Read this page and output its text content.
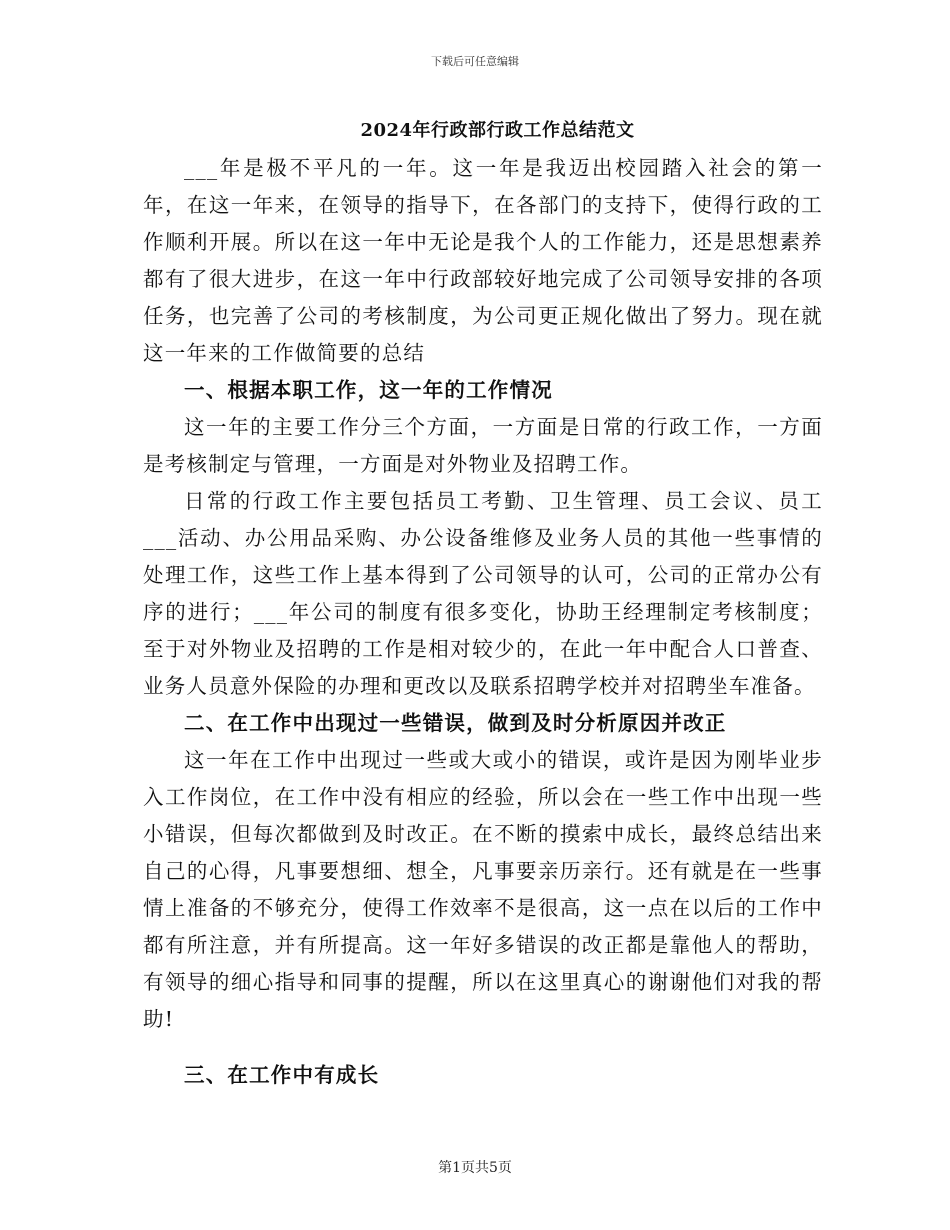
下载后可任意编辑
2024年行政部行政工作总结范文

___年是极不平凡的一年。这一年是我迈出校园踏入社会的第一年，在这一年来，在领导的指导下，在各部门的支持下，使得行政的工作顺利开展。所以在这一年中无论是我个人的工作能力，还是思想素养都有了很大进步，在这一年中行政部较好地完成了公司领导安排的各项任务，也完善了公司的考核制度，为公司更正规化做出了努力。现在就这一年来的工作做简要的总结

一、根据本职工作，这一年的工作情况

这一年的主要工作分三个方面，一方面是日常的行政工作，一方面是考核制定与管理，一方面是对外物业及招聘工作。

日常的行政工作主要包括员工考勤、卫生管理、员工会议、员工___活动、办公用品采购、办公设备维修及业务人员的其他一些事情的处理工作，这些工作上基本得到了公司领导的认可，公司的正常办公有序的进行；___年公司的制度有很多变化，协助王经理制定考核制度；至于对外物业及招聘的工作是相对较少的，在此一年中配合人口普查、业务人员意外保险的办理和更改以及联系招聘学校并对招聘坐车准备。

二、在工作中出现过一些错误，做到及时分析原因并改正

这一年在工作中出现过一些或大或小的错误，或许是因为刚毕业步入工作岗位，在工作中没有相应的经验，所以会在一些工作中出现一些小错误，但每次都做到及时改正。在不断的摸索中成长，最终总结出来自己的心得，凡事要想细、想全，凡事要亲历亲行。还有就是在一些事情上准备的不够充分，使得工作效率不是很高，这一点在以后的工作中都有所注意，并有所提高。这一年好多错误的改正都是靠他人的帮助，有领导的细心指导和同事的提醒，所以在这里真心的谢谢他们对我的帮助!

三、在工作中有成长
第1页共5页
